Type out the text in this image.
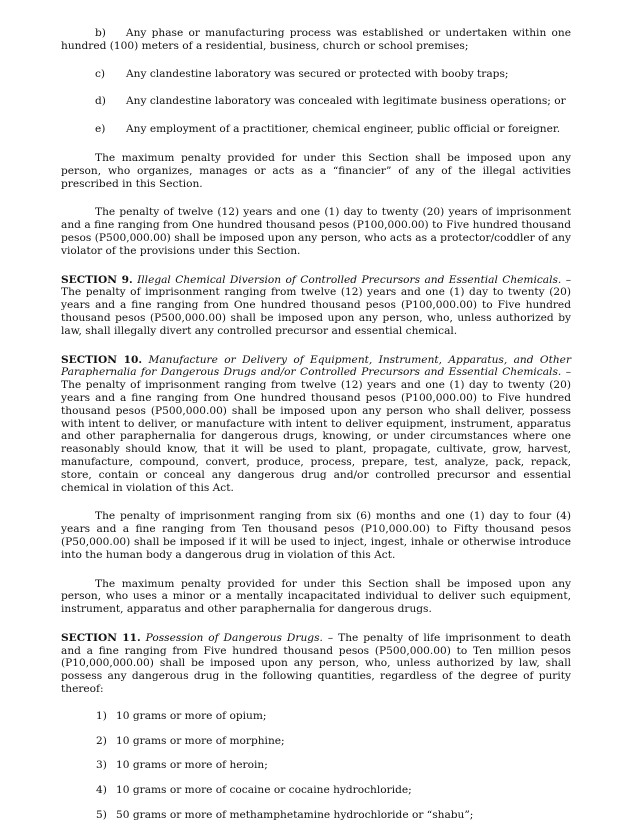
b) Any phase or manufacturing process was established or undertaken within one hundred (100) meters of a residential, business, church or school premises;

c)	Any clandestine laboratory was secured or protected with booby traps;
d)	Any clandestine laboratory was concealed with legitimate business operations; or
e)	Any employment of a practitioner, chemical engineer, public official or foreigner.

The maximum penalty provided for under this Section shall be imposed upon any person, who organizes, manages or acts as a “financier” of any of the illegal activities prescribed in this Section.

The penalty of twelve (12) years and one (1) day to twenty (20) years of imprisonment and a fine ranging from One hundred thousand pesos (P100,000.00) to Five hundred thousand pesos (P500,000.00) shall be imposed upon any person, who acts as a protector/coddler of any violator of the provisions under this Section.

SECTION 9. Illegal Chemical Diversion of Controlled Precursors and Essential Chemicals. – The penalty of imprisonment ranging from twelve (12) years and one (1) day to twenty (20) years and a fine ranging from One hundred thousand pesos (P100,000.00) to Five hundred thousand pesos (P500,000.00) shall be imposed upon any person, who, unless authorized by law, shall illegally divert any controlled precursor and essential chemical.

SECTION 10. Manufacture or Delivery of Equipment, Instrument, Apparatus, and Other Paraphernalia for Dangerous Drugs and/or Controlled Precursors and Essential Chemicals. – The penalty of imprisonment ranging from twelve (12) years and one (1) day to twenty (20) years and a fine ranging from One hundred thousand pesos (P100,000.00) to Five hundred thousand pesos (P500,000.00) shall be imposed upon any person who shall deliver, possess with intent to deliver, or manufacture with intent to deliver equipment, instrument, apparatus and other paraphernalia for dangerous drugs, knowing, or under circumstances where one reasonably should know, that it will be used to plant, propagate, cultivate, grow, harvest, manufacture, compound, convert, produce, process, prepare, test, analyze, pack, repack, store, contain or conceal any dangerous drug and/or controlled precursor and essential chemical in violation of this Act.

The penalty of imprisonment ranging from six (6) months and one (1) day to four (4) years and a fine ranging from Ten thousand pesos (P10,000.00) to Fifty thousand pesos (P50,000.00) shall be imposed if it will be used to inject, ingest, inhale or otherwise introduce into the human body a dangerous drug in violation of this Act.

The maximum penalty provided for under this Section shall be imposed upon any person, who uses a minor or a mentally incapacitated individual to deliver such equipment, instrument, apparatus and other paraphernalia for dangerous drugs.

SECTION 11. Possession of Dangerous Drugs. – The penalty of life imprisonment to death and a fine ranging from Five hundred thousand pesos (P500,000.00) to Ten million pesos (P10,000,000.00) shall be imposed upon any person, who, unless authorized by law, shall possess any dangerous drug in the following quantities, regardless of the degree of purity thereof:

1) 10 grams or more of opium;
2) 10 grams or more of morphine;
3) 10 grams or more of heroin;
4) 10 grams or more of cocaine or cocaine hydrochloride;
5) 50 grams or more of methamphetamine hydrochloride or “shabu”;
